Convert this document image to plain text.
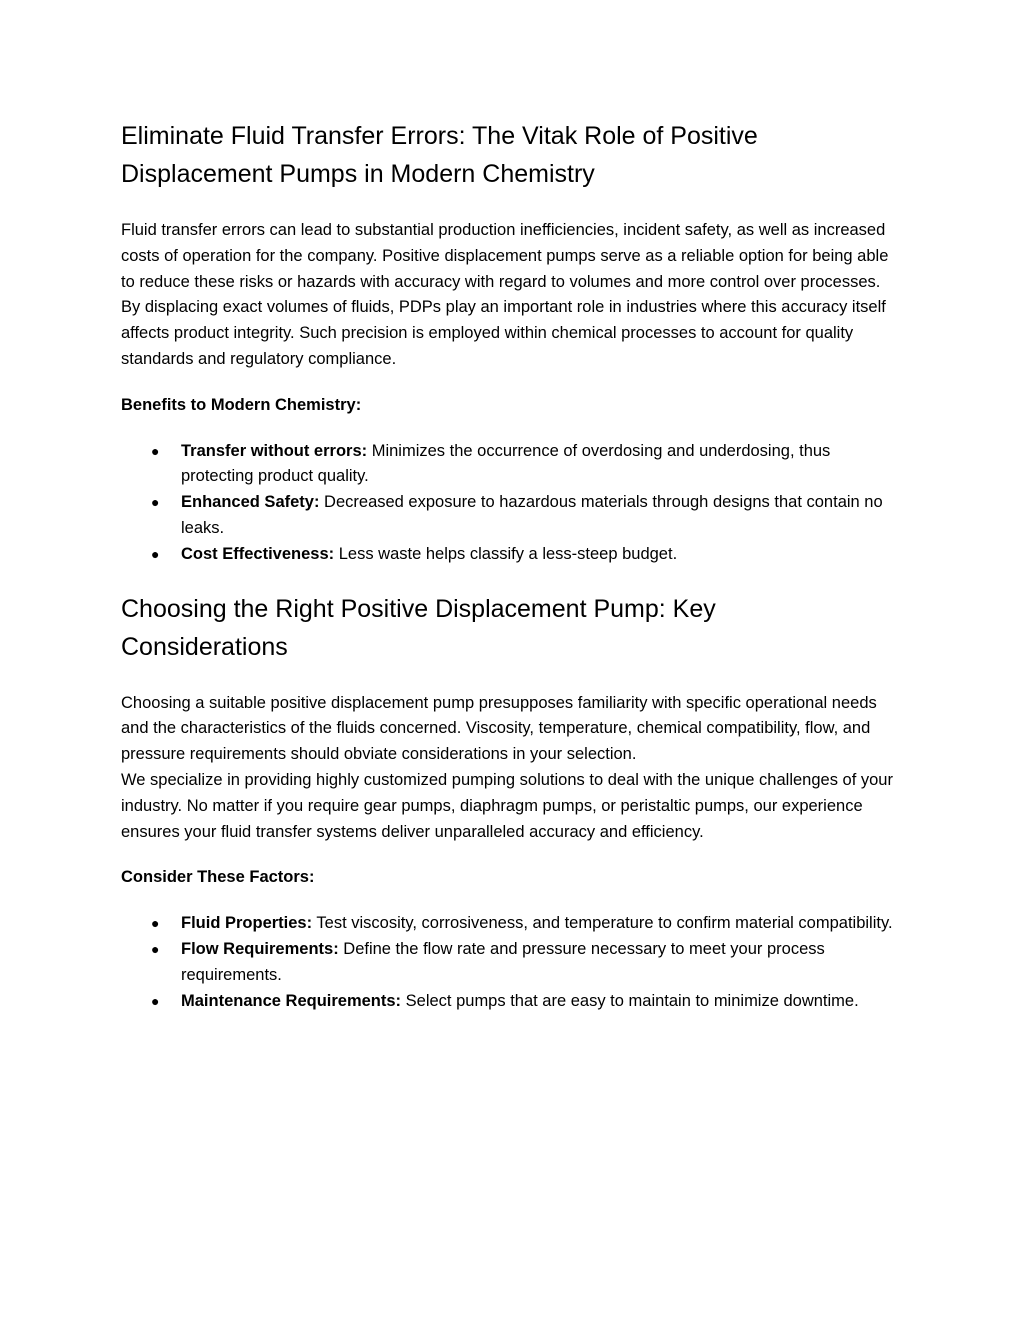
Eliminate Fluid Transfer Errors: The Vitak Role of Positive Displacement Pumps in Modern Chemistry

Fluid transfer errors can lead to substantial production inefficiencies, incident safety, as well as increased costs of operation for the company. Positive displacement pumps serve as a reliable option for being able to reduce these risks or hazards with accuracy with regard to volumes and more control over processes.

By displacing exact volumes of fluids, PDPs play an important role in industries where this accuracy itself affects product integrity. Such precision is employed within chemical processes to account for quality standards and regulatory compliance.

Benefits to Modern Chemistry:

● Transfer without errors: Minimizes the occurrence of overdosing and underdosing, thus protecting product quality.
● Enhanced Safety: Decreased exposure to hazardous materials through designs that contain no leaks.
● Cost Effectiveness: Less waste helps classify a less-steep budget.
Choosing the Right Positive Displacement Pump: Key Considerations

Choosing a suitable positive displacement pump presupposes familiarity with specific operational needs and the characteristics of the fluids concerned. Viscosity, temperature, chemical compatibility, flow, and pressure requirements should obviate considerations in your selection.

We specialize in providing highly customized pumping solutions to deal with the unique challenges of your industry. No matter if you require gear pumps, diaphragm pumps, or peristaltic pumps, our experience ensures your fluid transfer systems deliver unparalleled accuracy and efficiency.

Consider These Factors:

● Fluid Properties: Test viscosity, corrosiveness, and temperature to confirm material compatibility.
● Flow Requirements: Define the flow rate and pressure necessary to meet your process requirements.
● Maintenance Requirements: Select pumps that are easy to maintain to minimize downtime.
